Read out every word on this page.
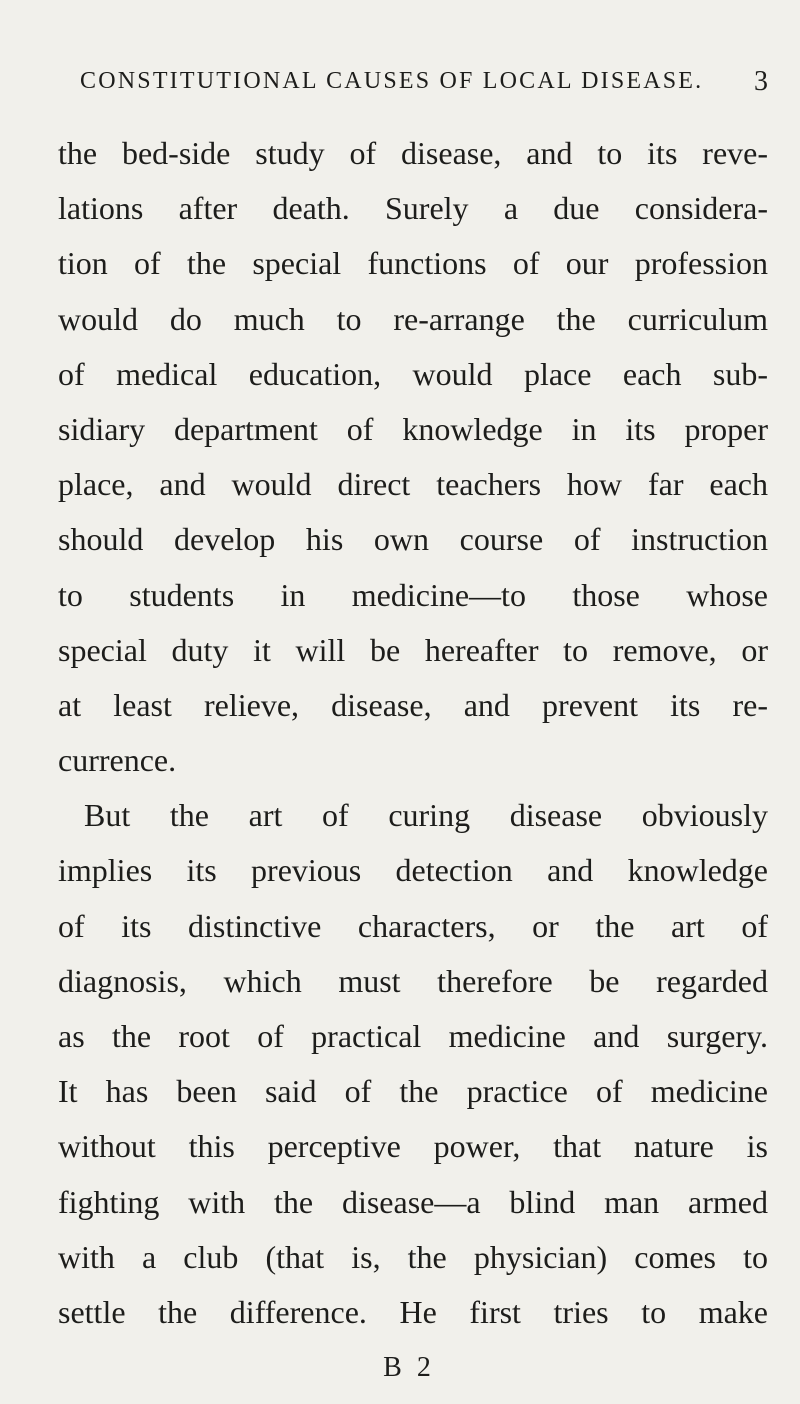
CONSTITUTIONAL CAUSES OF LOCAL DISEASE. 3
the bed-side study of disease, and to its reve-
lations after death. Surely a due considera-
tion of the special functions of our profession
would do much to re-arrange the curriculum
of medical education, would place each sub-
sidiary department of knowledge in its proper
place, and would direct teachers how far each
should develop his own course of instruction
to students in medicine—to those whose
special duty it will be hereafter to remove, or
at least relieve, disease, and prevent its re-
currence.
But the art of curing disease obviously
implies its previous detection and knowledge
of its distinctive characters, or the art of
diagnosis, which must therefore be regarded
as the root of practical medicine and surgery.
It has been said of the practice of medicine
without this perceptive power, that nature is
fighting with the disease—a blind man armed
with a club (that is, the physician) comes to
settle the difference. He first tries to make
B 2
